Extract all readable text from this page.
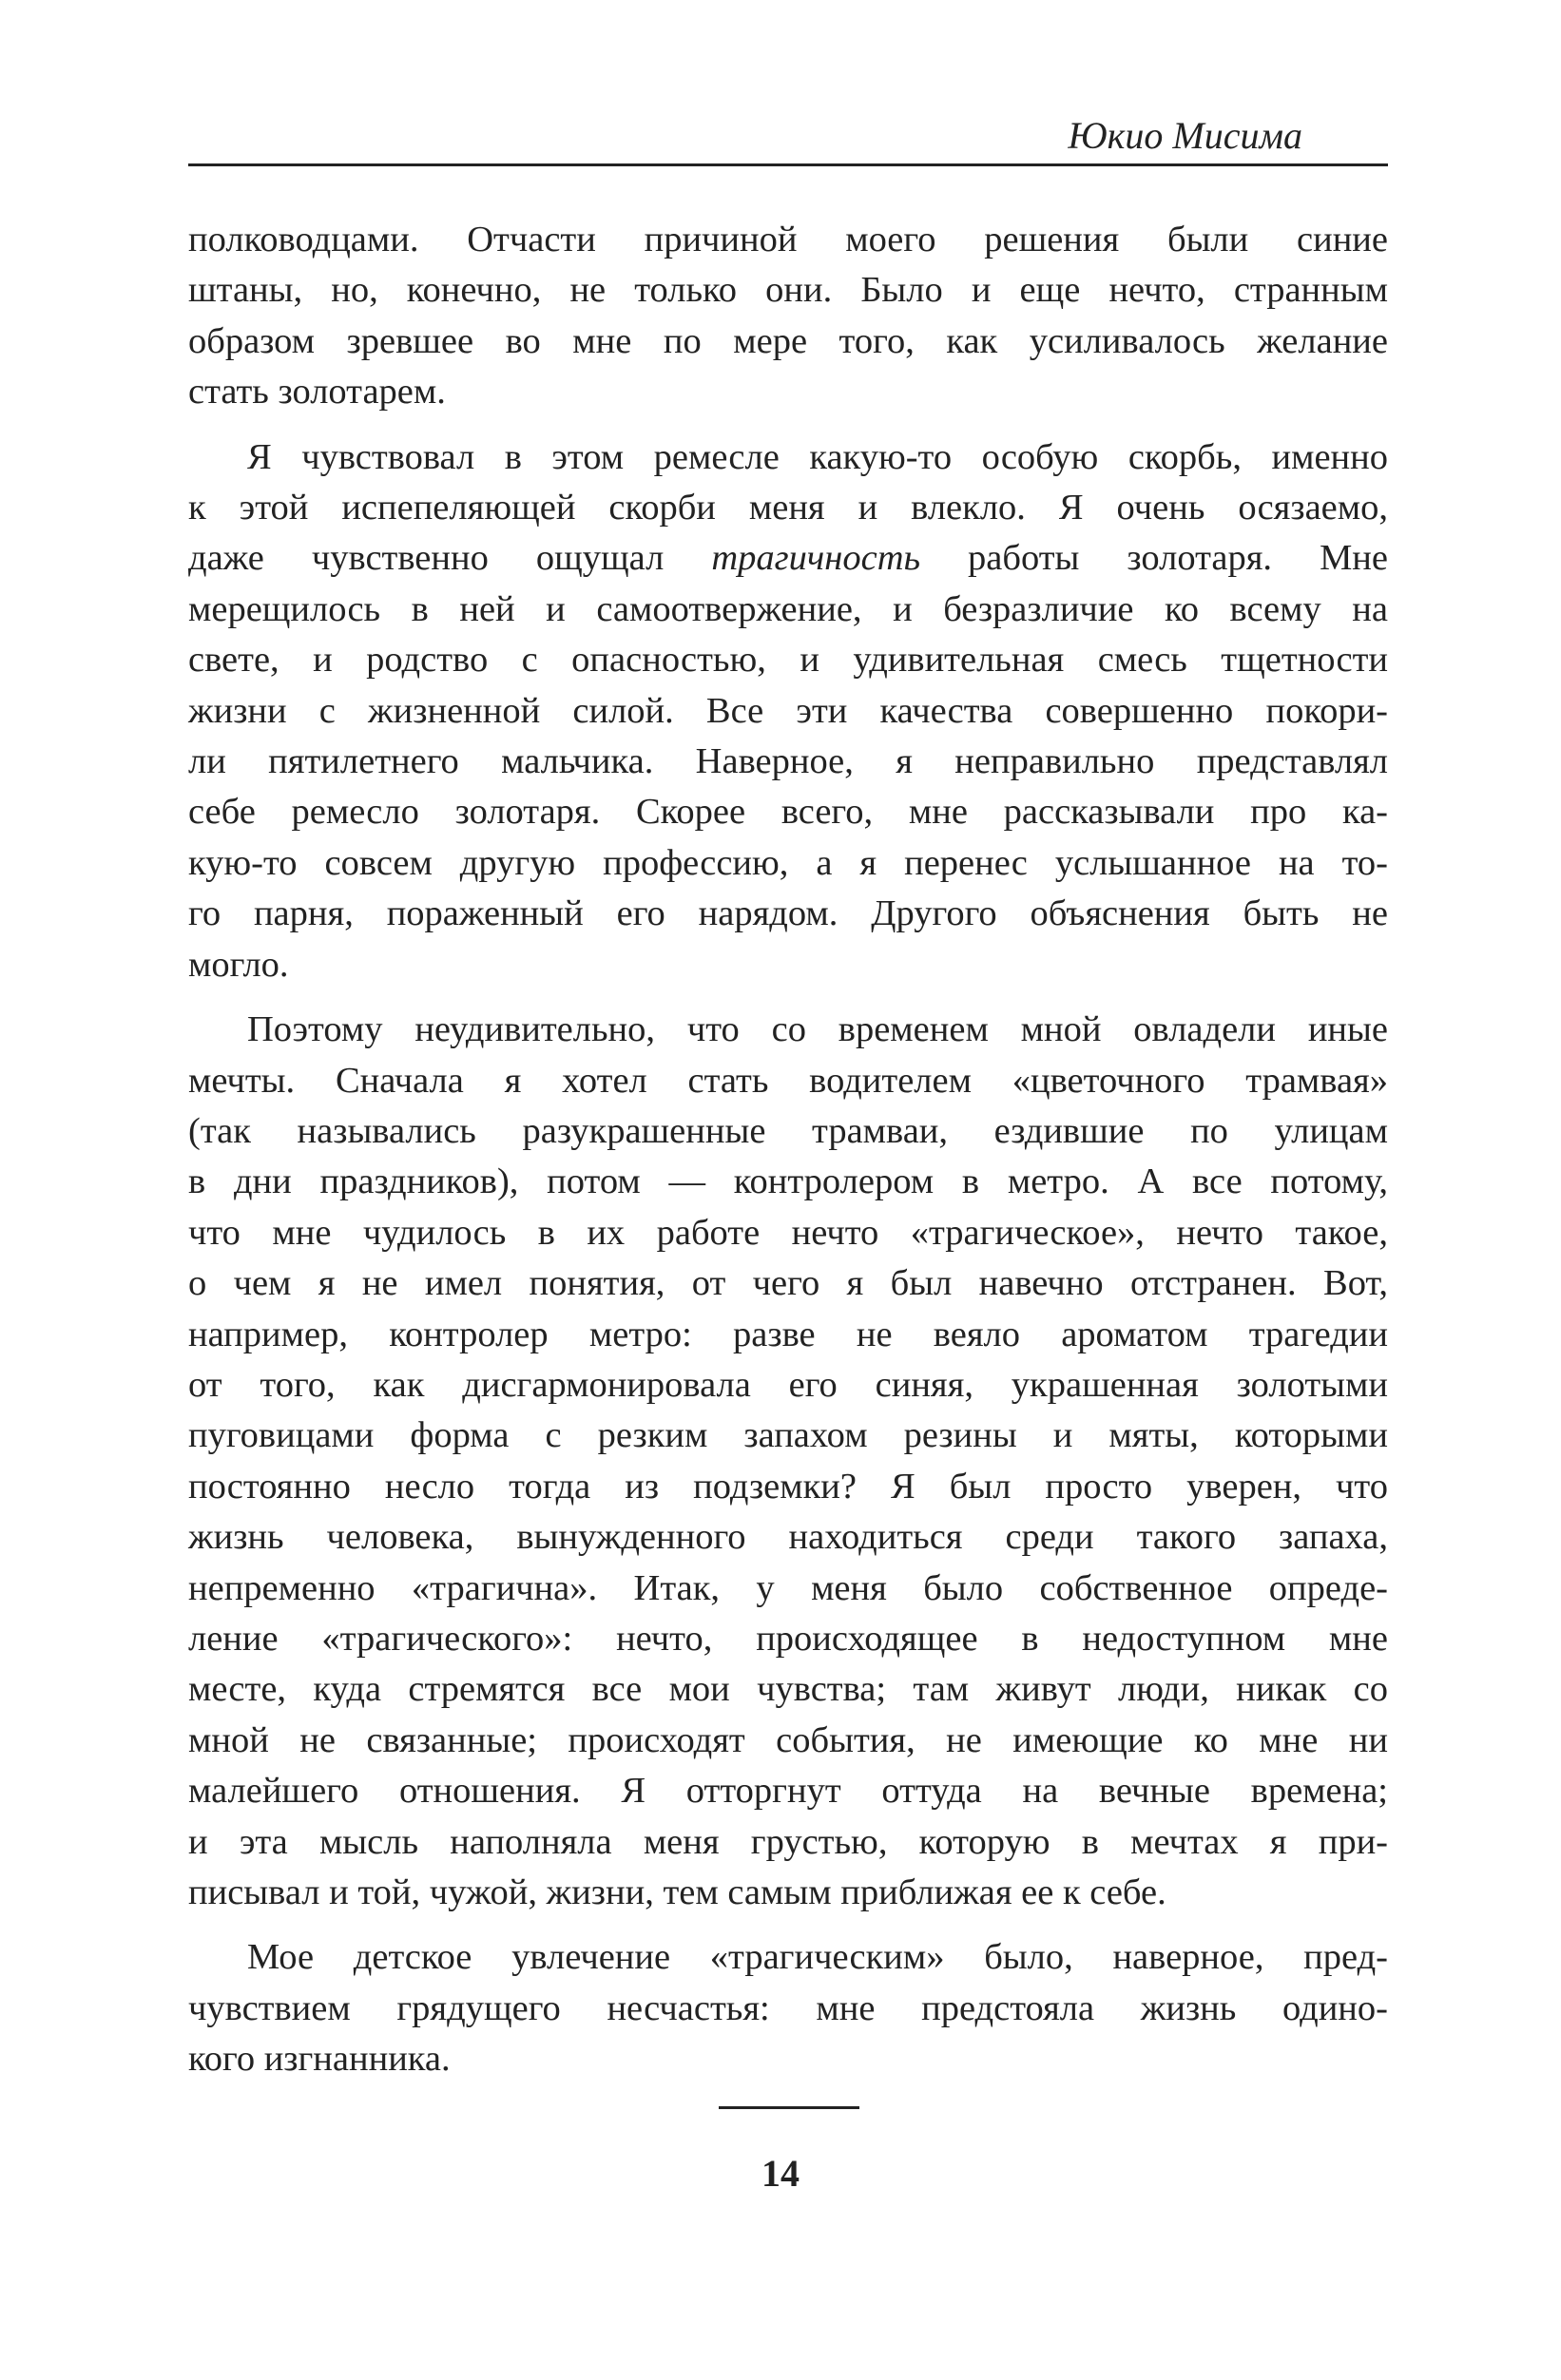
Юкио Мисима

полководцами. Отчасти причиной моего решения были синие
штаны, но, конечно, не только они. Было и еще нечто, странным
образом зревшее во мне по мере того, как усиливалось желание
стать золотарем.

Я чувствовал в этом ремесле какую-то особую скорбь, именно
к этой испепеляющей скорби меня и влекло. Я очень осязаемо,
даже чувственно ощущал трагичность работы золотаря. Мне
мерещилось в ней и самоотвержение, и безразличие ко всему на
свете, и родство с опасностью, и удивительная смесь тщетности
жизни с жизненной силой. Все эти качества совершенно покори-
ли пятилетнего мальчика. Наверное, я неправильно представлял
себе ремесло золотаря. Скорее всего, мне рассказывали про ка-
кую-то совсем другую профессию, а я перенес услышанное на то-
го парня, пораженный его нарядом. Другого объяснения быть не
могло.

Поэтому неудивительно, что со временем мной овладели иные
мечты. Сначала я хотел стать водителем «цветочного трамвая»
(так назывались разукрашенные трамваи, ездившие по улицам
в дни праздников), потом — контролером в метро. А все потому,
что мне чудилось в их работе нечто «трагическое», нечто такое,
о чем я не имел понятия, от чего я был навечно отстранен. Вот,
например, контролер метро: разве не веяло ароматом трагедии
от того, как дисгармонировала его синяя, украшенная золотыми
пуговицами форма с резким запахом резины и мяты, которыми
постоянно несло тогда из подземки? Я был просто уверен, что
жизнь человека, вынужденного находиться среди такого запаха,
непременно «трагична». Итак, у меня было собственное опреде-
ление «трагического»: нечто, происходящее в недоступном мне
месте, куда стремятся все мои чувства; там живут люди, никак со
мной не связанные; происходят события, не имеющие ко мне ни
малейшего отношения. Я отторгнут оттуда на вечные времена;
и эта мысль наполняла меня грустью, которую в мечтах я при-
писывал и той, чужой, жизни, тем самым приближая ее к себе.

Мое детское увлечение «трагическим» было, наверное, пред-
чувствием грядущего несчастья: мне предстояла жизнь одино-
кого изгнанника.

14
